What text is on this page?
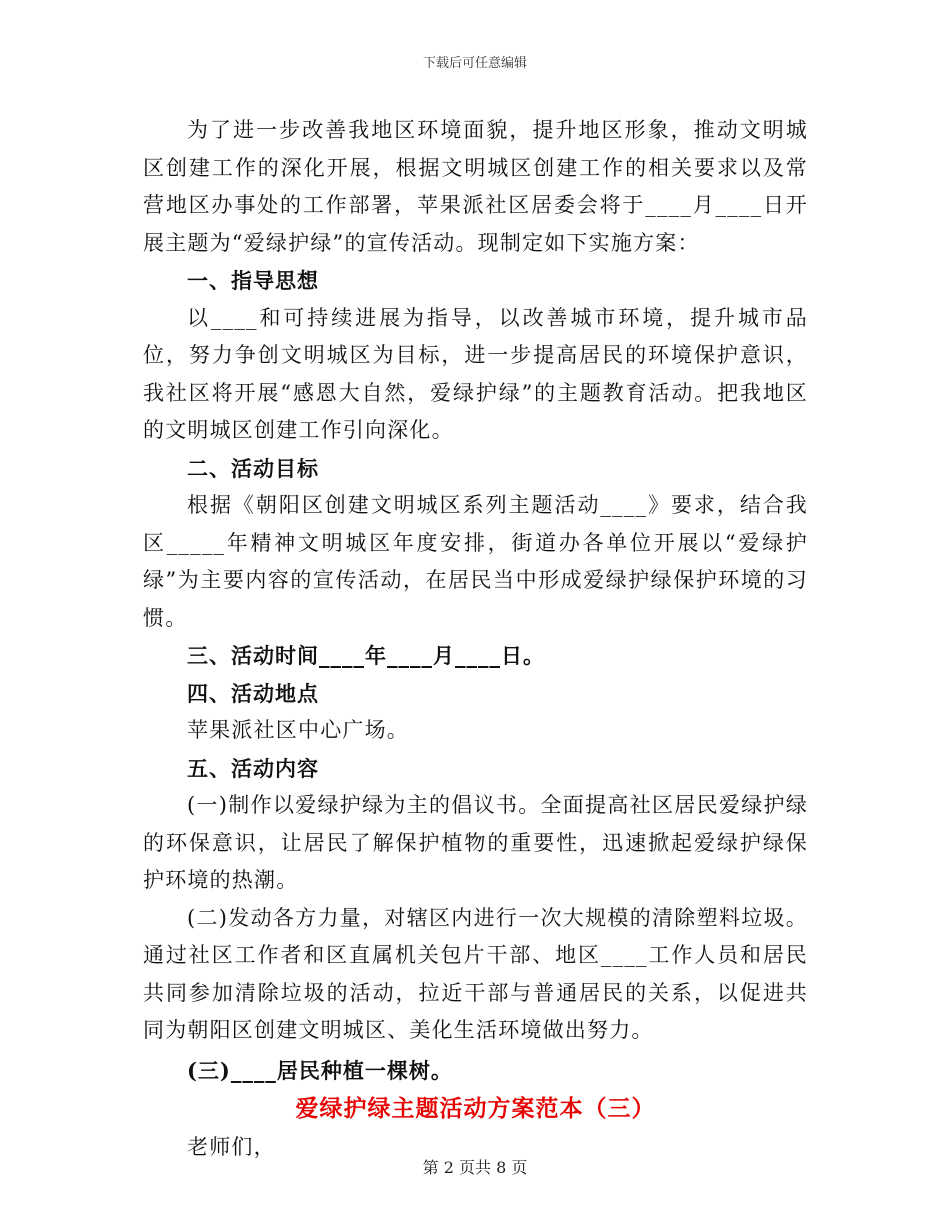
下载后可任意编辑

为了进一步改善我地区环境面貌，提升地区形象，推动文明城区创建工作的深化开展，根据文明城区创建工作的相关要求以及常营地区办事处的工作部署，苹果派社区居委会将于____月____日开展主题为“爱绿护绿”的宣传活动。现制定如下实施方案：

一、指导思想

以____和可持续进展为指导，以改善城市环境，提升城市品位，努力争创文明城区为目标，进一步提高居民的环境保护意识，我社区将开展“感恩大自然，爱绿护绿”的主题教育活动。把我地区的文明城区创建工作引向深化。

二、活动目标

根据《朝阳区创建文明城区系列主题活动____》要求，结合我区_____年精神文明城区年度安排，街道办各单位开展以“爱绿护绿”为主要内容的宣传活动，在居民当中形成爱绿护绿保护环境的习惯。

三、活动时间____年____月____日。

四、活动地点

苹果派社区中心广场。

五、活动内容

(一)制作以爱绿护绿为主的倡议书。全面提高社区居民爱绿护绿的环保意识，让居民了解保护植物的重要性，迅速掀起爱绿护绿保护环境的热潮。

(二)发动各方力量，对辖区内进行一次大规模的清除塑料垃圾。通过社区工作者和区直属机关包片干部、地区____工作人员和居民共同参加清除垃圾的活动，拉近干部与普通居民的关系，以促进共同为朝阳区创建文明城区、美化生活环境做出努力。

(三)____居民种植一棵树。

爱绿护绿主题活动方案范本（三）

老师们，

第 2 页共 8 页
